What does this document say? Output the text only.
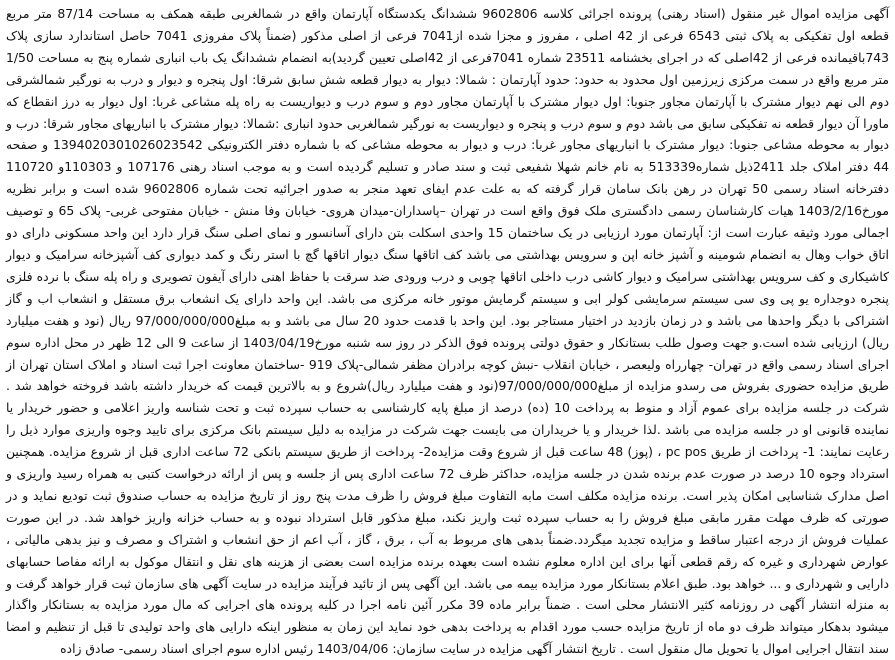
آگهی مزایده اموال غیر منقول (اسناد رهنی) پرونده اجرائی کلاسه 9602806 ششدانگ یکدستگاه آپارتمان واقع در شمالغربی طبقه همکف به مساحت 87/14 متر مربع قطعه اول تفکیکی به پلاک ثبتی 6543 فرعی از 42 اصلی ، مفروز و مجزا شده از7041 فرعی از اصلی مذکور (ضمناً پلاک مفروزی 7041 حاصل استاندارد سازی پلاک 743باقیمانده فرعی از 42اصلی که در اجرای بخشنامه 23511 شماره 7041فرعی از 42اصلی تعیین گردید)به انضمام ششدانگ یک باب انباری شماره پنج به مساحت 1/50 متر مربع واقع در سمت مرکزی زیرزمین اول محدود به حدود: حدود آپارتمان : شمالا: دیوار به دیوار قطعه شش سابق شرقا: اول پنجره و دیوار و درب به نورگیر شمالشرقی دوم الی نهم دیوار مشترک با آپارتمان مجاور جنوبا: اول دیوار مشترک با آپارتمان مجاور دوم و سوم درب و دیواریست به راه پله مشاعی غربا: اول دیوار به درز انقطاع که ماورا آن دیوار قطعه نه تفکیکی سابق می باشد دوم و سوم درب و پنجره و دیواریست به نورگیر شمالغربی حدود انباری :شمالا: دیوار مشترک با انباریهای مجاور شرقا: درب و دیوار به محوطه مشاعی جنوبا: دیوار مشترک با انباریهای مجاور غربا: درب و دیوار به محوطه مشاعی که با شماره دفتر الکترونیکی 1394020301026023542 و صفحه 44 دفتر املاک جلد 2411ذیل شماره513339 به نام خانم شهلا شفیعی ثبت و سند صادر و تسلیم گردیده است و به موجب اسناد رهنی 107176 و 110303و 110720 دفترخانه اسناد رسمی 50 تهران در رهن بانک سامان قرار گرفته که به علت عدم ایفای تعهد منجر به صدور اجرائیه تحت شماره 9602806 شده است و برابر نظریه مورخ1403/2/16 هیات کارشناسان رسمی دادگستری ملک فوق واقع است در تهران –پاسداران-میدان هروی- خیابان وفا منش - خیابان مفتوحی غربی- پلاک 65 و توصیف اجمالی مورد وثیقه عبارت است از: آپارتمان مورد ارزیابی در یک ساختمان 15 واحدی اسکلت بتن دارای آسانسور و نمای اصلی سنگ قرار دارد این واحد مسکونی دارای دو اتاق خواب وهال به انضمام شومینه و آشپز خانه اپن و سرویس بهداشتی می باشد کف اتاقها سنگ دیوار اتاقها گچ با استر رنگ و کمد دیواری کف آشپزخانه سرامیک و دیوار کاشیکاری و کف سرویس بهداشتی سرامیک و دیوار کاشی درب داخلی اتاقها چوبی و درب ورودی ضد سرقت با حفاظ اهنی دارای آیفون تصویری و راه پله سنگ با نرده فلزی پنجره دوجداره یو پی وی سی سیستم سرمایشی کولر ابی و سیستم گرمایش موتور خانه مرکزی می باشد. این واحد دارای یک انشعاب برق مستقل و انشعاب اب و گاز اشتراکی با دیگر واحدها می باشد و در زمان بازدید در اختیار مستاجر بود. این واحد با قدمت حدود 20 سال می باشد و به مبلغ97/000/000/000 ریال (نود و هفت میلیارد ریال) ارزیابی شده است.و جهت وصول طلب بستانکار و حقوق دولتی پرونده فوق الذکر در روز سه شنبه مورخ1403/04/19 از ساعت 9 الی 12 ظهر در محل اداره سوم اجرای اسناد رسمی واقع در تهران- چهارراه ولیعصر ، خیابان انقلاب -نبش کوچه برادران مظفر شمالی-پلاک 919 -ساختمان معاونت اجرا ثبت اسناد و املاک استان تهران از طریق مزایده حضوری بفروش می رسدو مزایده از مبلغ97/000/000/000(نود و هفت میلیارد ریال)شروع و به بالاترین قیمت که خریدار داشته باشد فروخته خواهد شد . شرکت در جلسه مزایده برای عموم آزاد و منوط به پرداخت 10 (ده) درصد از مبلغ پایه کارشناسی به حساب سپرده ثبت و تحت شناسه واریز اعلامی و حضور خریدار یا نماینده قانونی او در جلسه مزایده می باشد .لذا خریدار و یا خریداران می بایست جهت شرکت در مزایده به دلیل سیستم بانک مرکزی برای تایید وجوه واریزی موارد ذیل را رعایت نمایند: 1- پرداخت از طریق pc pos ، (پوز) 48 ساعت قبل از شروع وقت مزایده2- پرداخت از طریق سیستم بانکی 72 ساعت اداری قبل از شروع مزایده. همچنین استرداد وجوه 10 درصد در صورت عدم برنده شدن در جلسه مزایده، حداکثر ظرف 72 ساعت اداری پس از جلسه و پس از ارائه درخواست کتبی به همراه رسید واریزی و اصل مدارک شناسایی امکان پذیر است. برنده مزایده مکلف است مابه التفاوت مبلغ فروش را ظرف مدت پنج روز از تاریخ مزایده به حساب صندوق ثبت تودیع نماید و در صورتی که ظرف مهلت مقرر مابقی مبلغ فروش را به حساب سپرده ثبت واریز نکند، مبلغ مذکور قابل استرداد نبوده و به حساب خزانه واریز خواهد شد. در این صورت عملیات فروش از درجه اعتبار ساقط و مزایده تجدید میگردد.ضمناً بدهی های مربوط به آب ، برق ، گاز ، آب اعم از حق انشعاب و اشتراک و مصرف و نیز بدهی مالیاتی ، عوارض شهرداری و غیره که رقم قطعی آنها برای این اداره معلوم نشده است بعهده برنده مزایده است بعضی از هزینه های نقل و انتقال موکول به ارائه مفاصا حسابهای دارایی و شهرداری و ... خواهد بود. طبق اعلام بستانکار مورد مزایده بیمه می باشد. این آگهی پس از تائید فرآیند مزایده در سایت آگهی های سازمان ثبت قرار خواهد گرفت و به منزله انتشار آگهی در روزنامه کثیر الانتشار محلی است . ضمناً برابر ماده 39 مکرر آئین نامه اجرا در کلیه پرونده های اجرایی که مال مورد مزایده به بستانکار واگذار میشود بدهکار میتواند ظرف دو ماه از تاریخ مزایده حسب مورد اقدام به پرداخت بدهی خود نماید این زمان به منظور اینکه دارایی های واحد تولیدی تا قبل از تنظیم و امضا سند انتقال اجرایی اموال یا تحویل مال منقول است . تاریخ انتشار آگهی مزایده در سایت سازمان: 1403/04/06 رئیس اداره سوم اجرای اسناد رسمی- صادق زاده
